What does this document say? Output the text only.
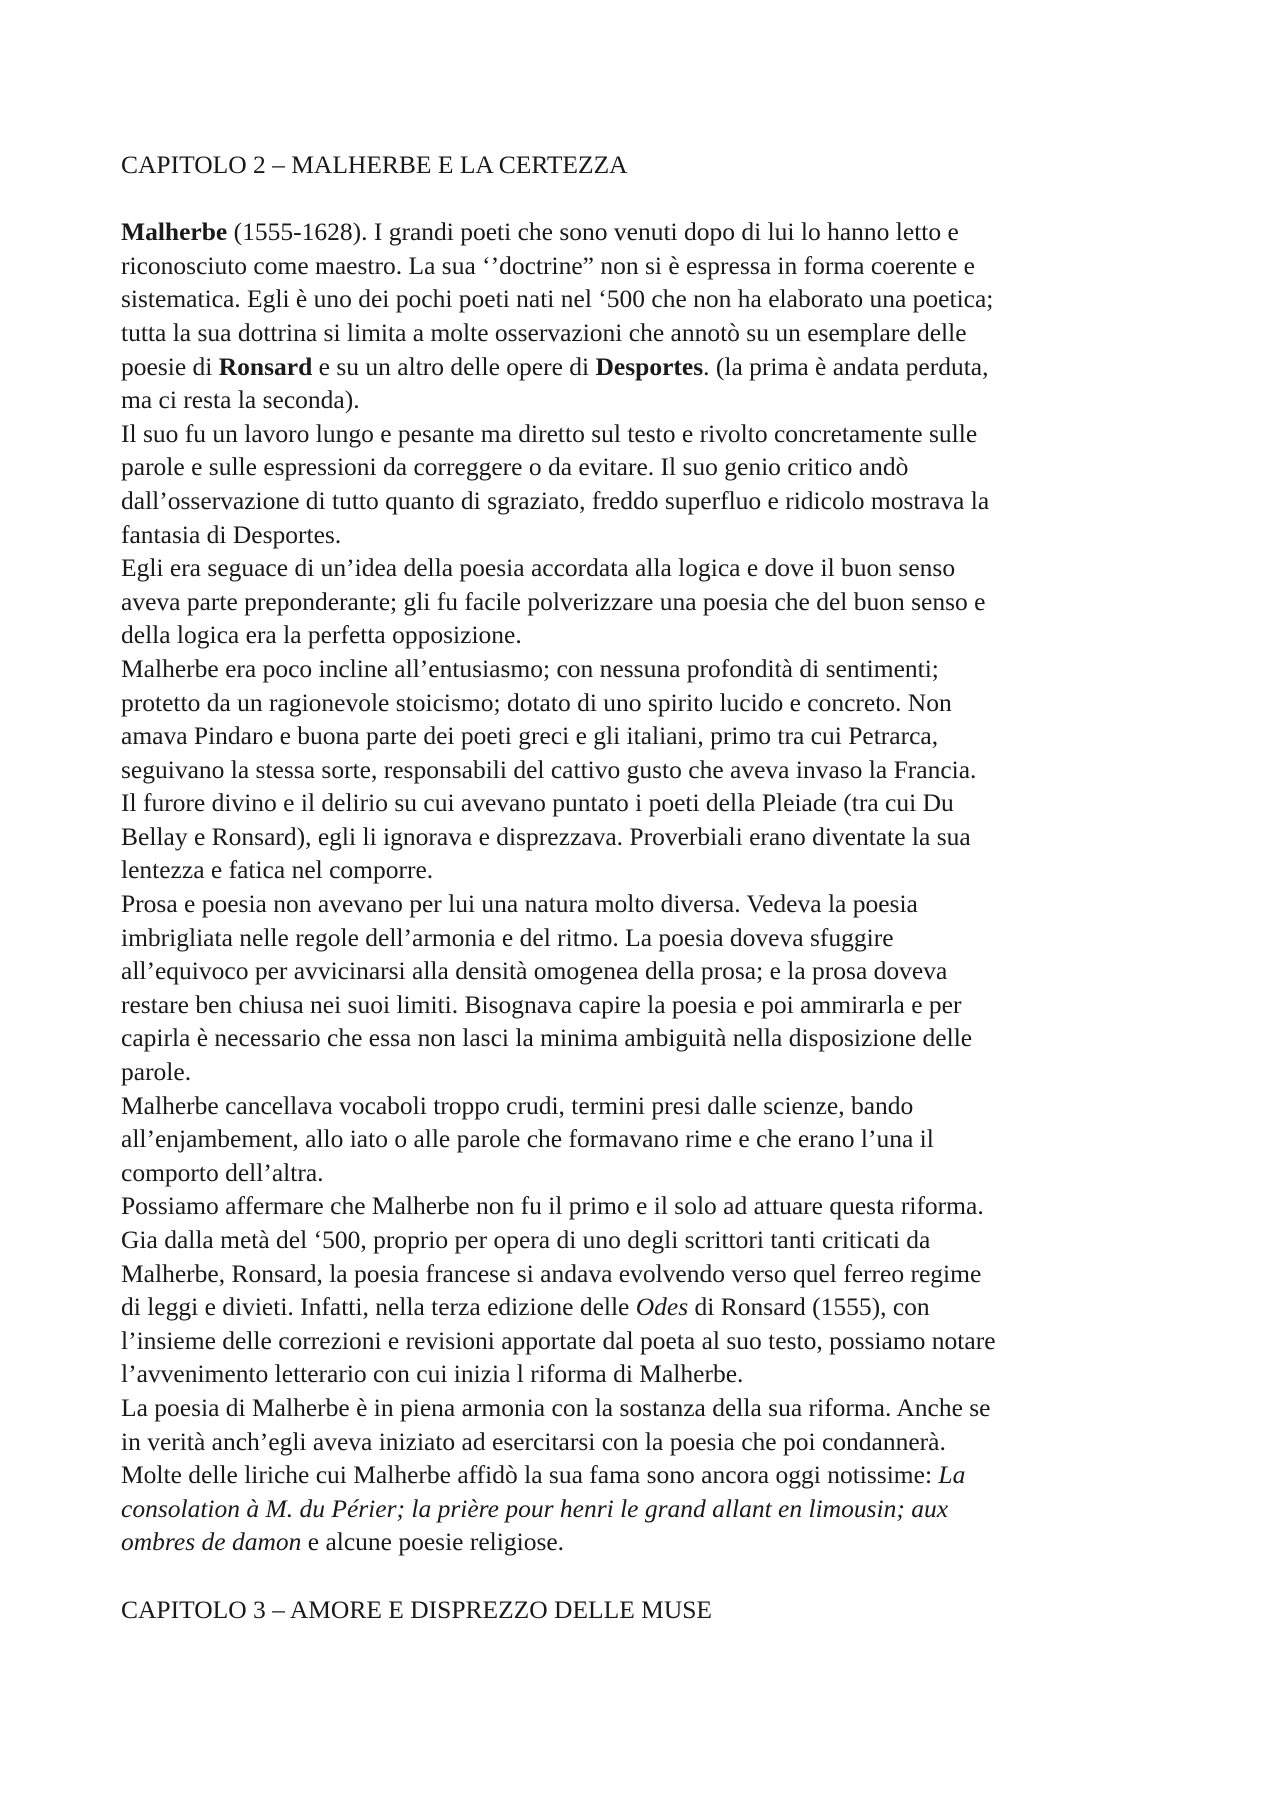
CAPITOLO 2 – MALHERBE E LA CERTEZZA
Malherbe (1555-1628). I grandi poeti che sono venuti dopo di lui lo hanno letto e
riconosciuto come maestro. La sua ‘’doctrine” non si è espressa in forma coerente e
sistematica. Egli è uno dei pochi poeti nati nel ‘500 che non ha elaborato una poetica;
tutta la sua dottrina si limita a molte osservazioni che annotò su un esemplare delle
poesie di Ronsard e su un altro delle opere di Desportes. (la prima è andata perduta,
ma ci resta la seconda).
Il suo fu un lavoro lungo e pesante ma diretto sul testo e rivolto concretamente sulle
parole e sulle espressioni da correggere o da evitare. Il suo genio critico andò
dall’osservazione di tutto quanto di sgraziato, freddo superfluo e ridicolo mostrava la
fantasia di Desportes.
Egli era seguace di un’idea della poesia accordata alla logica e dove il buon senso
aveva parte preponderante; gli fu facile polverizzare una poesia che del buon senso e
della logica era la perfetta opposizione.
Malherbe era poco incline all’entusiasmo; con nessuna profondità di sentimenti;
protetto da un ragionevole stoicismo; dotato di uno spirito lucido e concreto. Non
amava Pindaro e buona parte dei poeti greci e gli italiani, primo tra cui Petrarca,
seguivano la stessa sorte, responsabili del cattivo gusto che aveva invaso la Francia.
Il furore divino e il delirio su cui avevano puntato i poeti della Pleiade (tra cui Du
Bellay e Ronsard), egli li ignorava e disprezzava. Proverbiali erano diventate la sua
lentezza e fatica nel comporre.
Prosa e poesia non avevano per lui una natura molto diversa. Vedeva la poesia
imbrigliata nelle regole dell’armonia e del ritmo. La poesia doveva sfuggire
all’equivoco per avvicinarsi alla densità omogenea della prosa; e la prosa doveva
restare ben chiusa nei suoi limiti. Bisognava capire la poesia e poi ammirarla e per
capirla è necessario che essa non lasci la minima ambiguità nella disposizione delle
parole.
Malherbe cancellava vocaboli troppo crudi, termini presi dalle scienze, bando
all’enjambement, allo iato o alle parole che formavano rime e che erano l’una il
comporto dell’altra.
Possiamo affermare che Malherbe non fu il primo e il solo ad attuare questa riforma.
Gia dalla metà del ‘500, proprio per opera di uno degli scrittori tanti criticati da
Malherbe, Ronsard, la poesia francese si andava evolvendo verso quel ferreo regime
di leggi e divieti. Infatti, nella terza edizione delle Odes di Ronsard (1555), con
l’insieme delle correzioni e revisioni apportate dal poeta al suo testo, possiamo notare
l’avvenimento letterario con cui inizia l riforma di Malherbe.
La poesia di Malherbe è in piena armonia con la sostanza della sua riforma. Anche se
in verità anch’egli aveva iniziato ad esercitarsi con la poesia che poi condannerà.
Molte delle liriche cui Malherbe affidò la sua fama sono ancora oggi notissime: La
consolation à M. du Périer; la prière pour henri le grand allant en limousin; aux
ombres de damon e alcune poesie religiose.
CAPITOLO 3 – AMORE E DISPREZZO DELLE MUSE
